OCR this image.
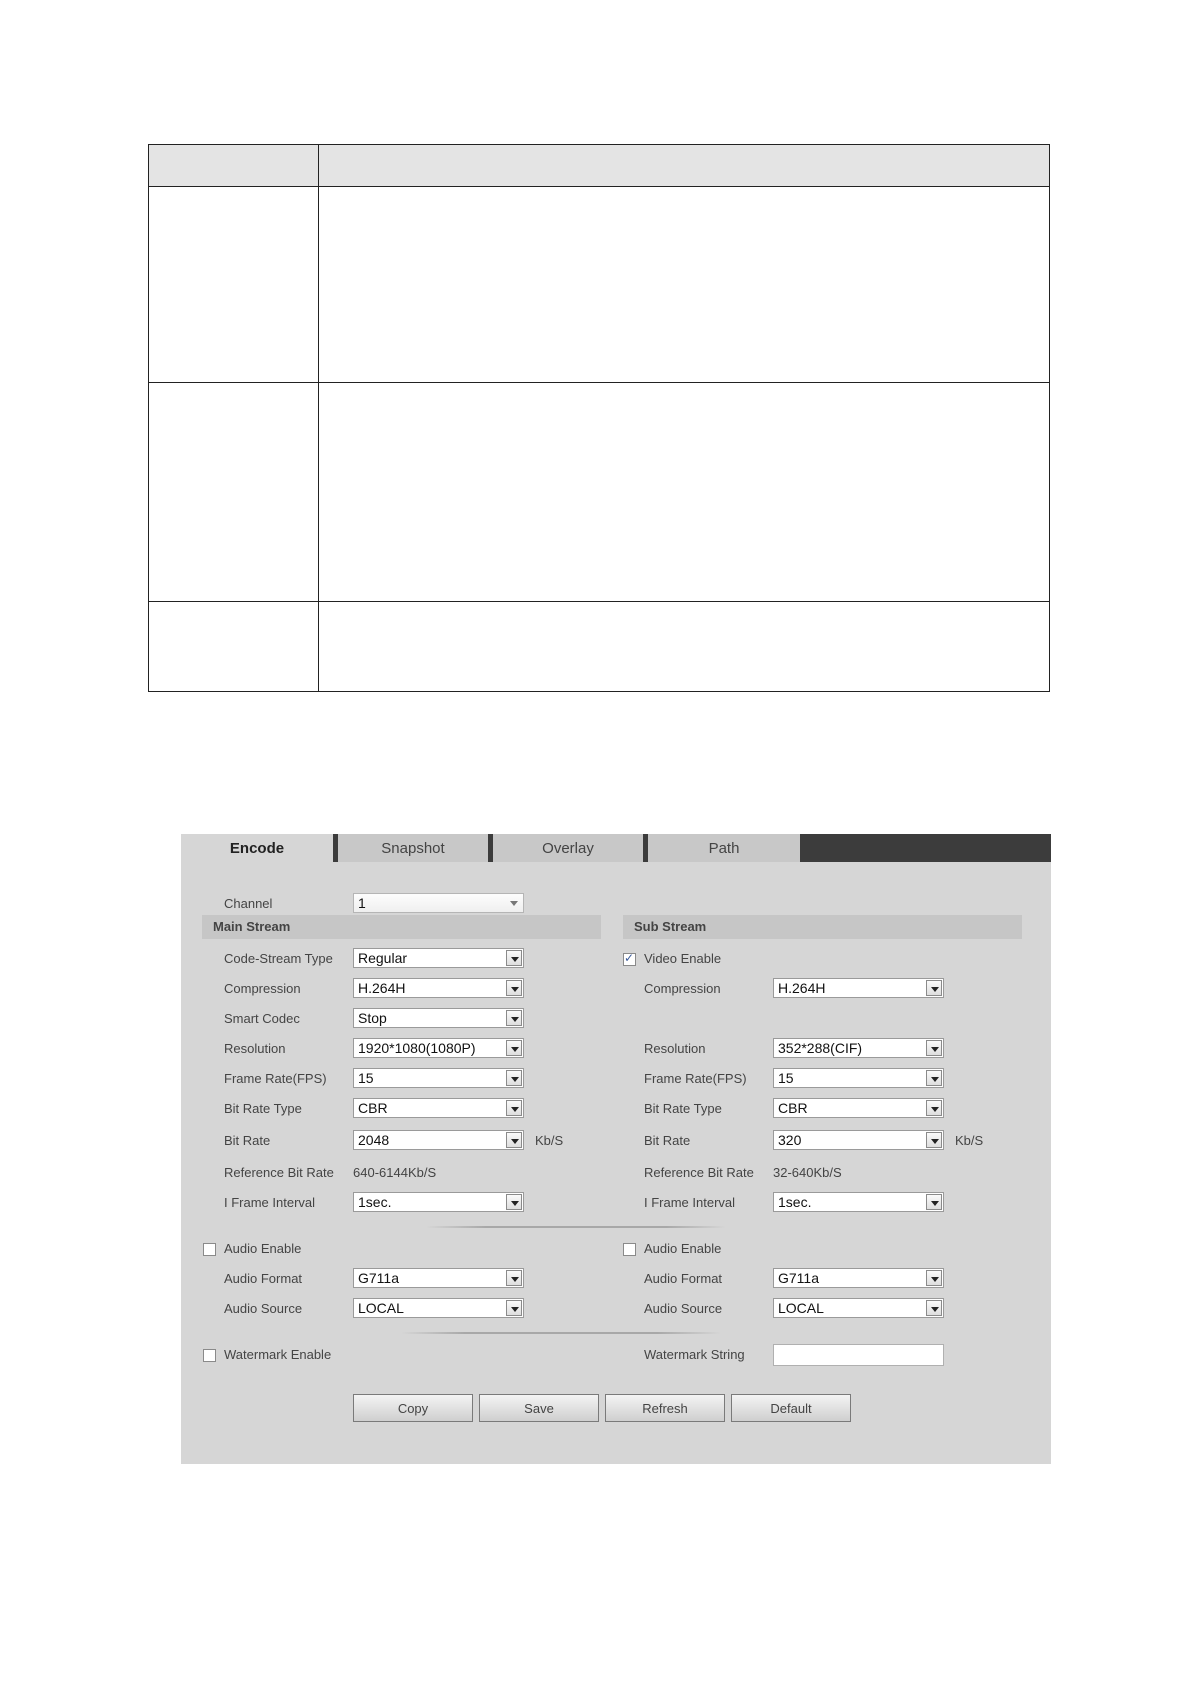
Encode	Snapshot	Overlay	Path
Channel	1
Main Stream	Sub Stream
Code-Stream Type Regular
Compression	H.264H
Smart Codec	Stop
Resolution	1920*1080(1080P)
Frame Rate(FPS) 15
Bit Rate Type	CBR
Bit Rate	2048	Kb/S
Reference Bit Rate 640-6144Kb/S
I Frame Interval	1sec.
Audio Enable
Audio Format	G711a
Audio Source	LOCAL
Watermark Enable
✓
Video Enable
Compression	H.264H
Resolution	352*288(CIF)
Frame Rate(FPS) 15
Bit Rate Type	CBR
Bit Rate	320	Kb/S
Reference Bit Rate 32-640Kb/S
I Frame Interval	1sec.
Audio Enable
Audio Format	G711a
Audio Source	LOCAL
Watermark String
Copy	Save	Refresh	Default
